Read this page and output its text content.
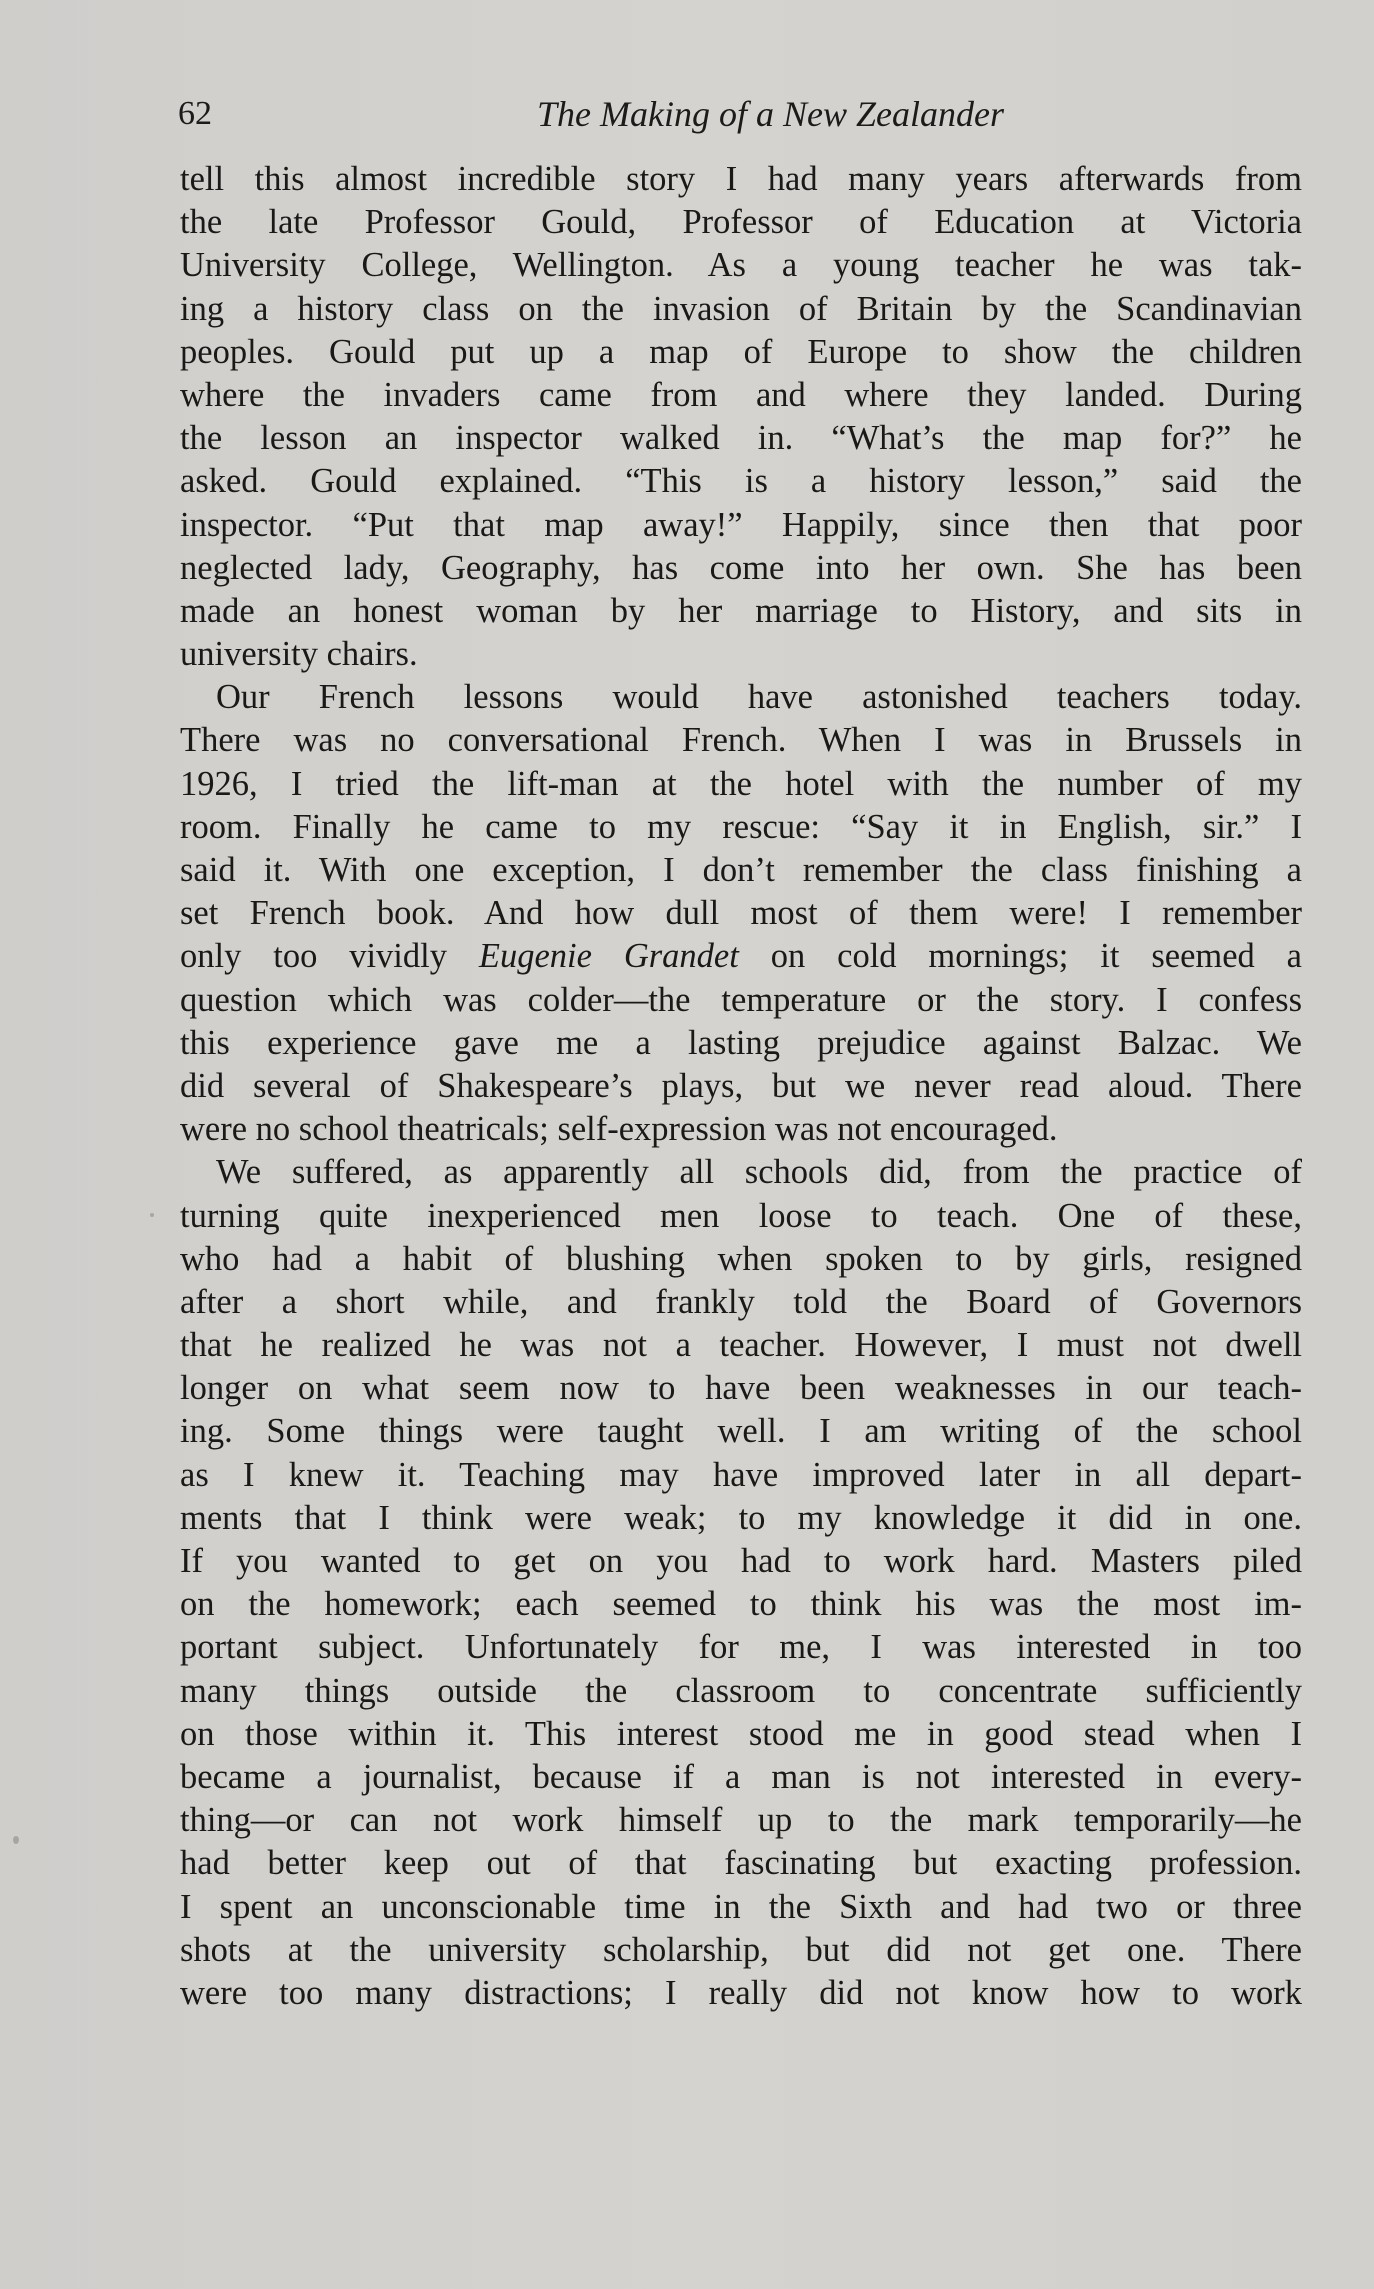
62	The Making of a New Zealander
tell this almost incredible story I had many years afterwards from
the late Professor Gould, Professor of Education at Victoria
University College, Wellington. As a young teacher he was tak-
ing a history class on the invasion of Britain by the Scandinavian
peoples. Gould put up a map of Europe to show the children
where the invaders came from and where they landed. During
the lesson an inspector walked in. “What’s the map for?” he
asked. Gould explained. “This is a history lesson,” said the
inspector. “Put that map away!” Happily, since then that poor
neglected lady, Geography, has come into her own. She has been
made an honest woman by her marriage to History, and sits in
university chairs.
Our French lessons would have astonished teachers today.
There was no conversational French. When I was in Brussels in
1926, I tried the lift-man at the hotel with the number of my
room. Finally he came to my rescue: “Say it in English, sir.” I
said it. With one exception, I don’t remember the class finishing a
set French book. And how dull most of them were! I remember
only too vividly Eugenie Grandet on cold mornings; it seemed a
question which was colder—the temperature or the story. I confess
this experience gave me a lasting prejudice against Balzac. We
did several of Shakespeare’s plays, but we never read aloud. There
were no school theatricals; self-expression was not encouraged.
We suffered, as apparently all schools did, from the practice of
turning quite inexperienced men loose to teach. One of these,
who had a habit of blushing when spoken to by girls, resigned
after a short while, and frankly told the Board of Governors
that he realized he was not a teacher. However, I must not dwell
longer on what seem now to have been weaknesses in our teach-
ing. Some things were taught well. I am writing of the school
as I knew it. Teaching may have improved later in all depart-
ments that I think were weak; to my knowledge it did in one.
If you wanted to get on you had to work hard. Masters piled
on the homework; each seemed to think his was the most im-
portant subject. Unfortunately for me, I was interested in too
many things outside the classroom to concentrate sufficiently
on those within it. This interest stood me in good stead when I
became a journalist, because if a man is not interested in every-
thing—or can not work himself up to the mark temporarily—he
had better keep out of that fascinating but exacting profession.
I spent an unconscionable time in the Sixth and had two or three
shots at the university scholarship, but did not get one. There
were too many distractions; I really did not know how to work
